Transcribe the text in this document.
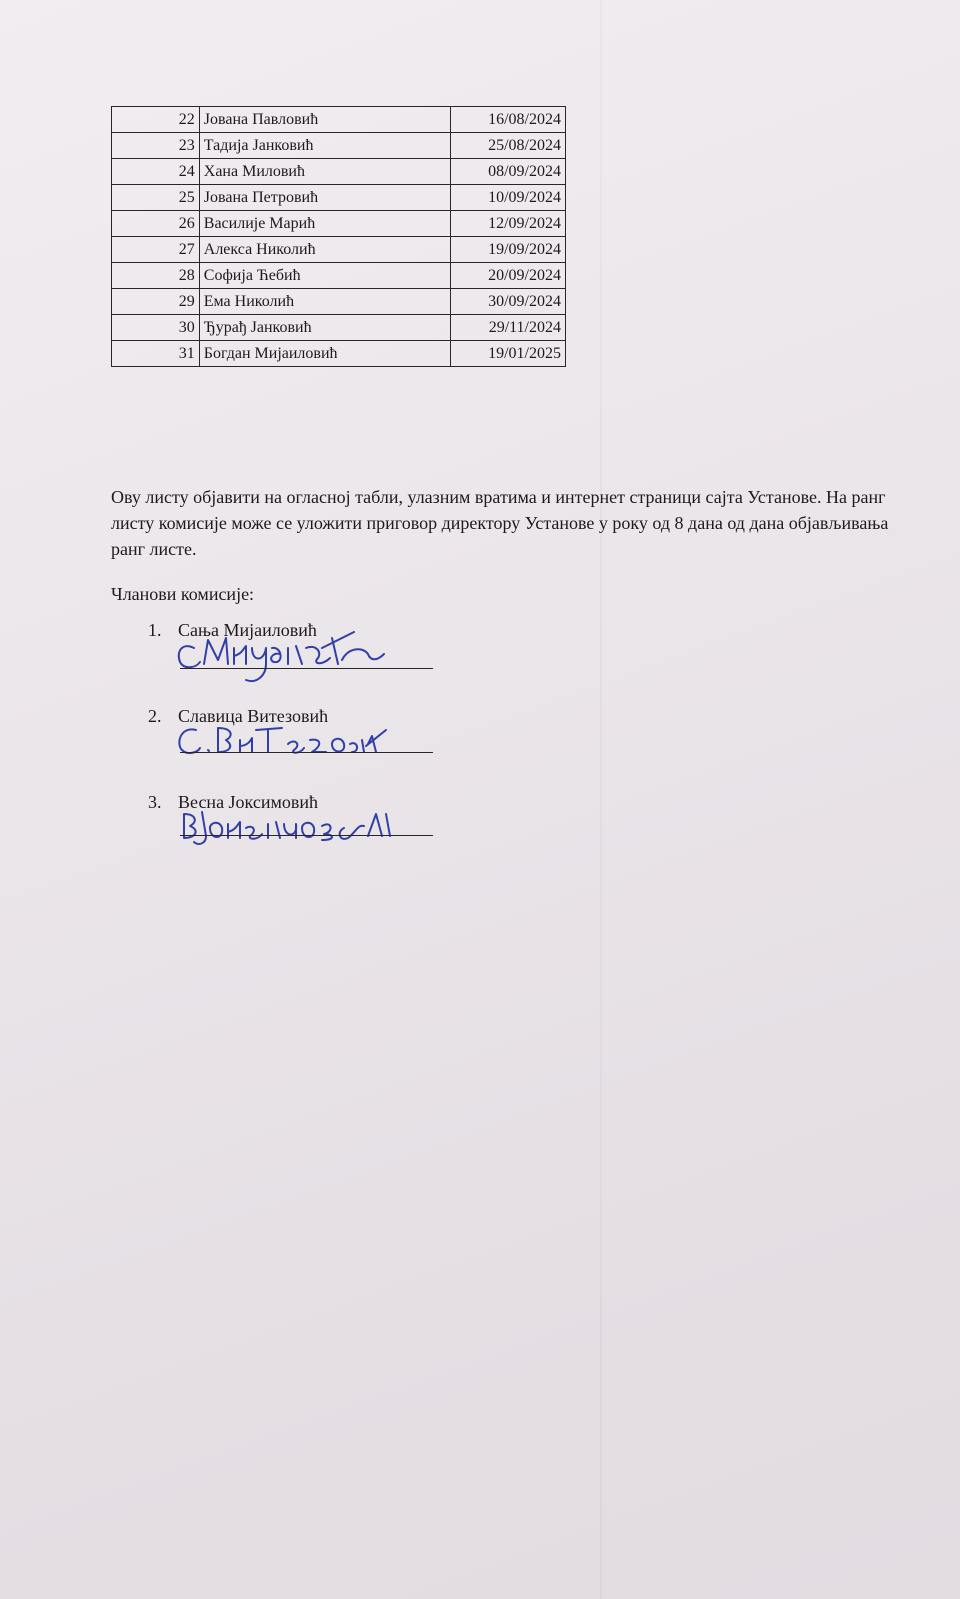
22	Јована Павловић	16/08/2024
23	Тадија Јанковић	25/08/2024
24	Хана Миловић	08/09/2024
25	Јована Петровић	10/09/2024
26	Василије Марић	12/09/2024
27	Алекса Николић	19/09/2024
28	Софија Ћебић	20/09/2024
29	Ема Николић	30/09/2024
30	Ђурађ Јанковић	29/11/2024
31	Богдан Мијаиловић	19/01/2025

Ову листу објавити на огласној табли, улазним вратима и интернет страници сајта Установе. На ранг листу комисије може се уложити приговор директору Установе у року од 8 дана од дана објављивања ранг листе.

Чланови комисије:

1. Сања Мијаиловић
2. Славица Витезовић
3. Весна Јоксимовић
